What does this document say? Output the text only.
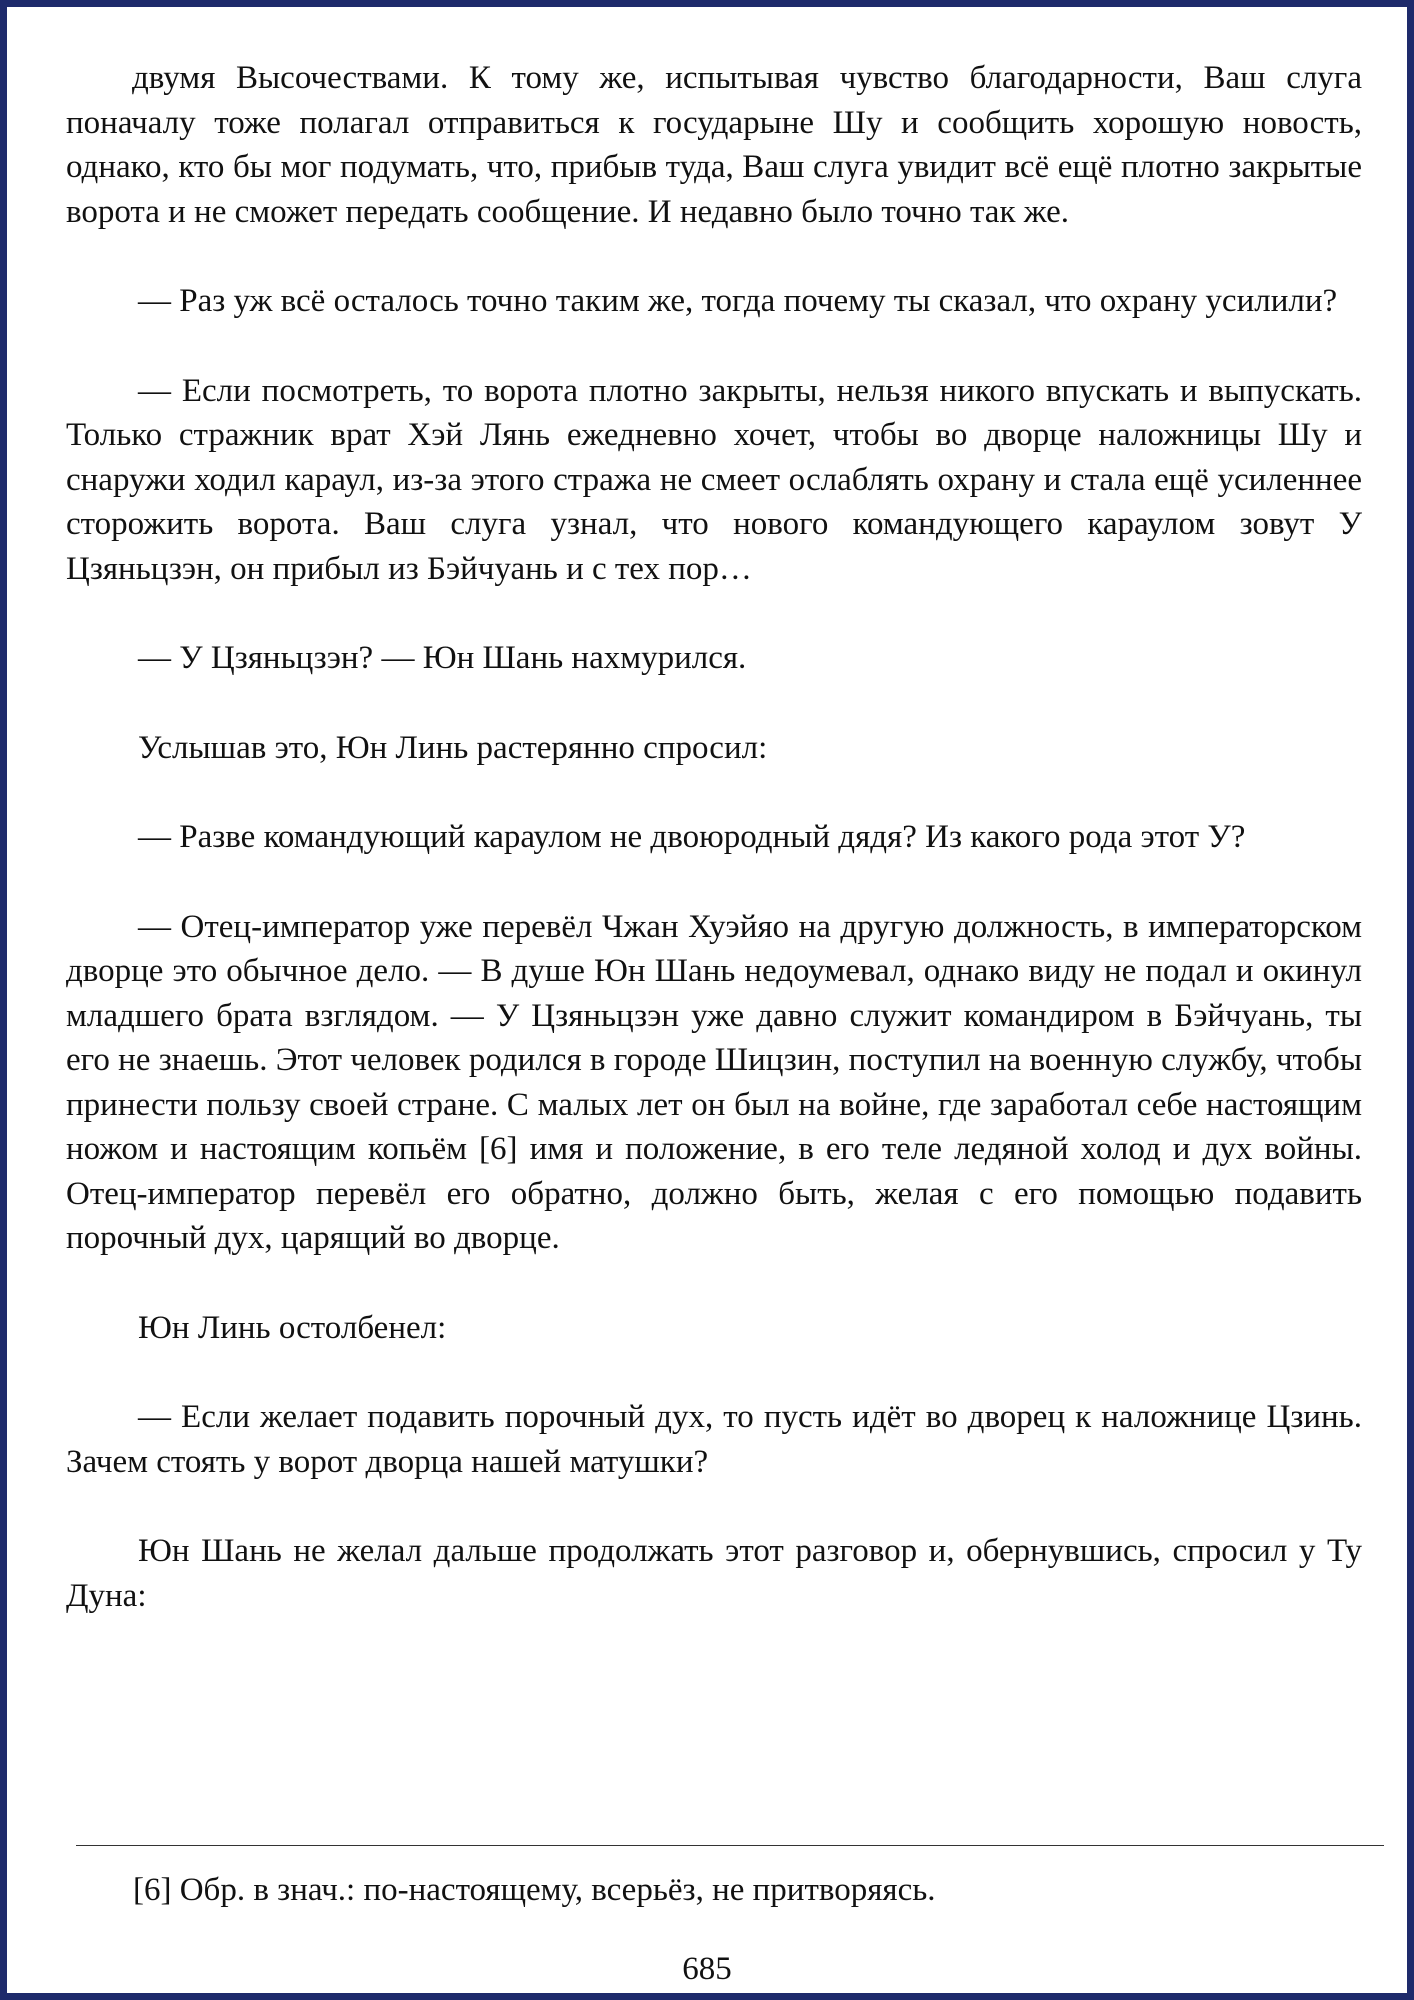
двумя Высочествами. К тому же, испытывая чувство благодарности, Ваш слуга поначалу тоже полагал отправиться к государыне Шу и сообщить хорошую новость, однако, кто бы мог подумать, что, прибыв туда, Ваш слуга увидит всё ещё плотно закрытые ворота и не сможет передать сообщение. И недавно было точно так же.

— Раз уж всё осталось точно таким же, тогда почему ты сказал, что охрану усилили?

— Если посмотреть, то ворота плотно закрыты, нельзя никого впускать и выпускать. Только стражник врат Хэй Лянь ежедневно хочет, чтобы во дворце наложницы Шу и снаружи ходил караул, из-за этого стража не смеет ослаблять охрану и стала ещё усиленнее сторожить ворота. Ваш слуга узнал, что нового командующего караулом зовут У Цзяньцзэн, он прибыл из Бэйчуань и с тех пор…

— У Цзяньцзэн? — Юн Шань нахмурился.

Услышав это, Юн Линь растерянно спросил:

— Разве командующий караулом не двоюродный дядя? Из какого рода этот У?

— Отец-император уже перевёл Чжан Хуэйяо на другую должность, в императорском дворце это обычное дело. — В душе Юн Шань недоумевал, однако виду не подал и окинул младшего брата взглядом. — У Цзяньцзэн уже давно служит командиром в Бэйчуань, ты его не знаешь. Этот человек родился в городе Шицзин, поступил на военную службу, чтобы принести пользу своей стране. С малых лет он был на войне, где заработал себе настоящим ножом и настоящим копьём [6] имя и положение, в его теле ледяной холод и дух войны. Отец-император перевёл его обратно, должно быть, желая с его помощью подавить порочный дух, царящий во дворце.

Юн Линь остолбенел:

— Если желает подавить порочный дух, то пусть идёт во дворец к наложнице Цзинь. Зачем стоять у ворот дворца нашей матушки?

Юн Шань не желал дальше продолжать этот разговор и, обернувшись, спросил у Ту Дуна:

[6] Обр. в знач.: по-настоящему, всерьёз, не притворяясь.
685
